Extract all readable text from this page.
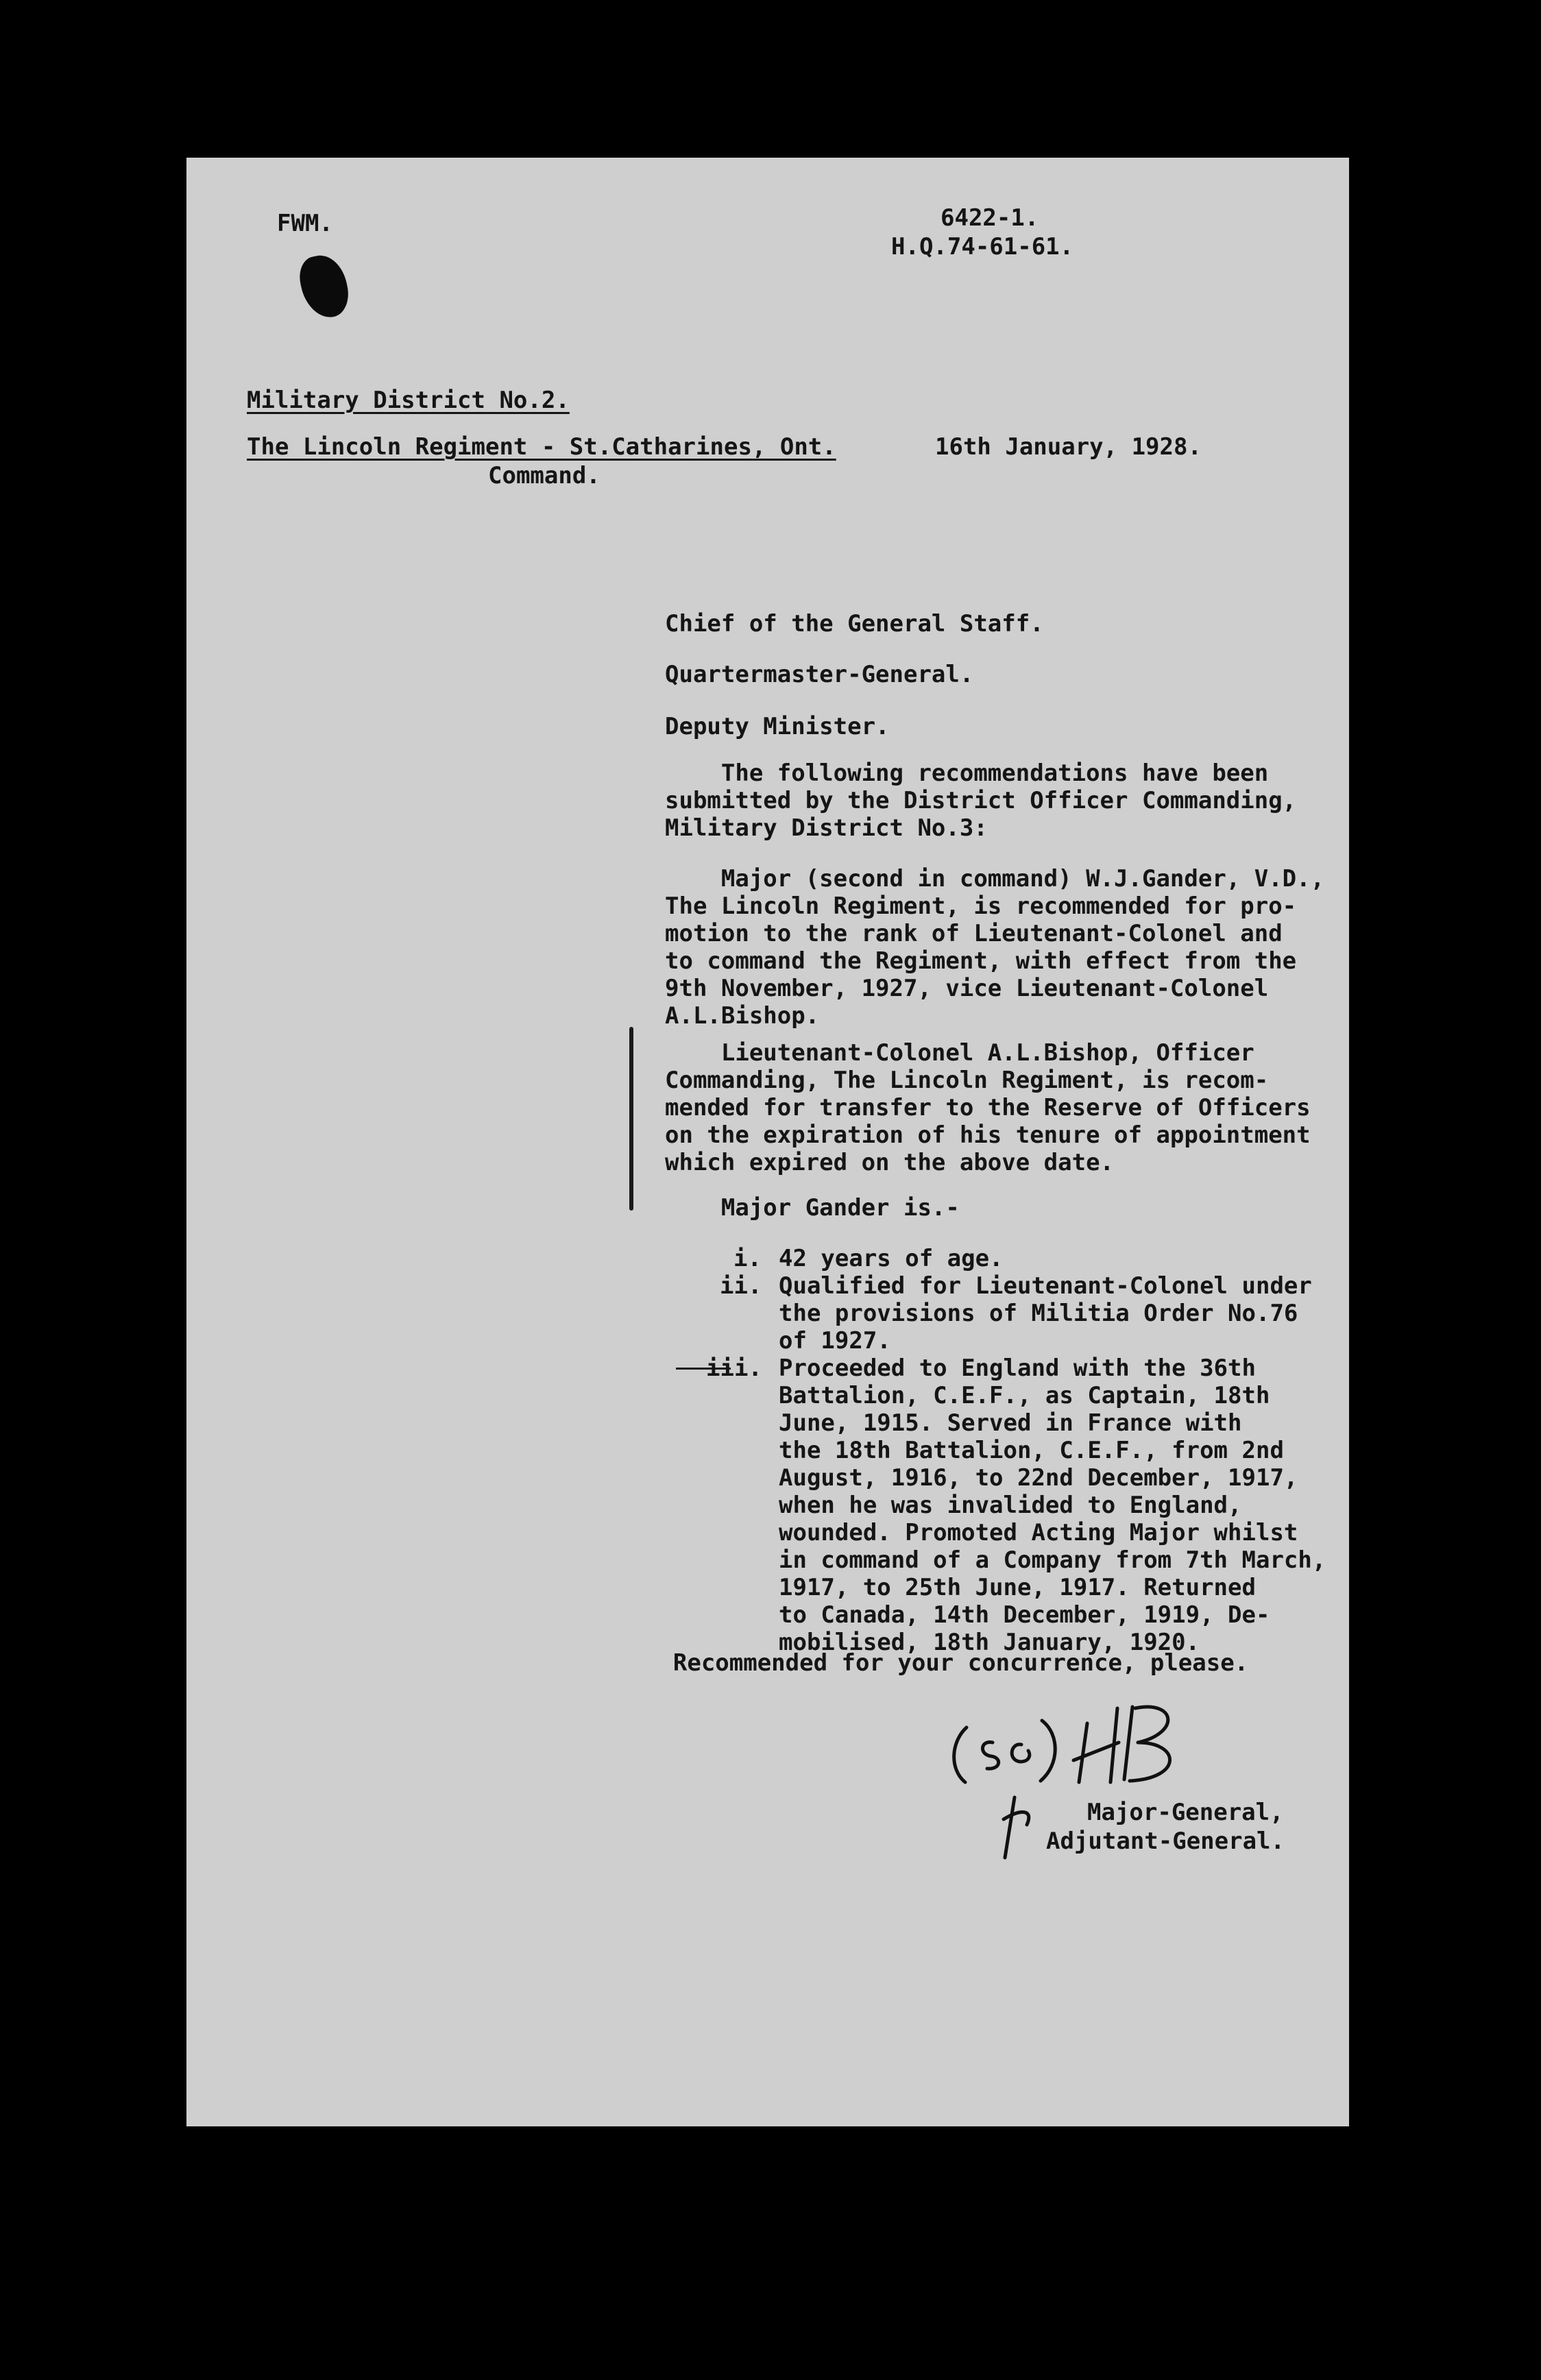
FWM.	6422-1.
H.Q.74-61-61.
Military District No.2.
The Lincoln Regiment - St.Catharines, Ont.
Command.
16th January, 1928.
Chief of the General Staff.
Quartermaster-General.
Deputy Minister.
The following recommendations have been
submitted by the District Officer Commanding,
Military District No.3:
Major (second in command) W.J.Gander, V.D.,
The Lincoln Regiment, is recommended for pro-
motion to the rank of Lieutenant-Colonel and
to command the Regiment, with effect from the
9th November, 1927, vice Lieutenant-Colonel
A.L.Bishop.
Lieutenant-Colonel A.L.Bishop, Officer
Commanding, The Lincoln Regiment, is recom-
mended for transfer to the Reserve of Officers
on the expiration of his tenure of appointment
which expired on the above date.
Major Gander is.-
i. 42 years of age.
ii. Qualified for Lieutenant-Colonel under
the provisions of Militia Order No.76
of 1927.
iii. Proceeded to England with the 36th
Battalion, C.E.F., as Captain, 18th
June, 1915. Served in France with
the 18th Battalion, C.E.F., from 2nd
August, 1916, to 22nd December, 1917,
when he was invalided to England,
wounded. Promoted Acting Major whilst
in command of a Company from 7th March,
1917, to 25th June, 1917. Returned
to Canada, 14th December, 1919, De-
mobilised, 18th January, 1920.
Recommended for your concurrence, please.
Major-General,
Adjutant-General.
